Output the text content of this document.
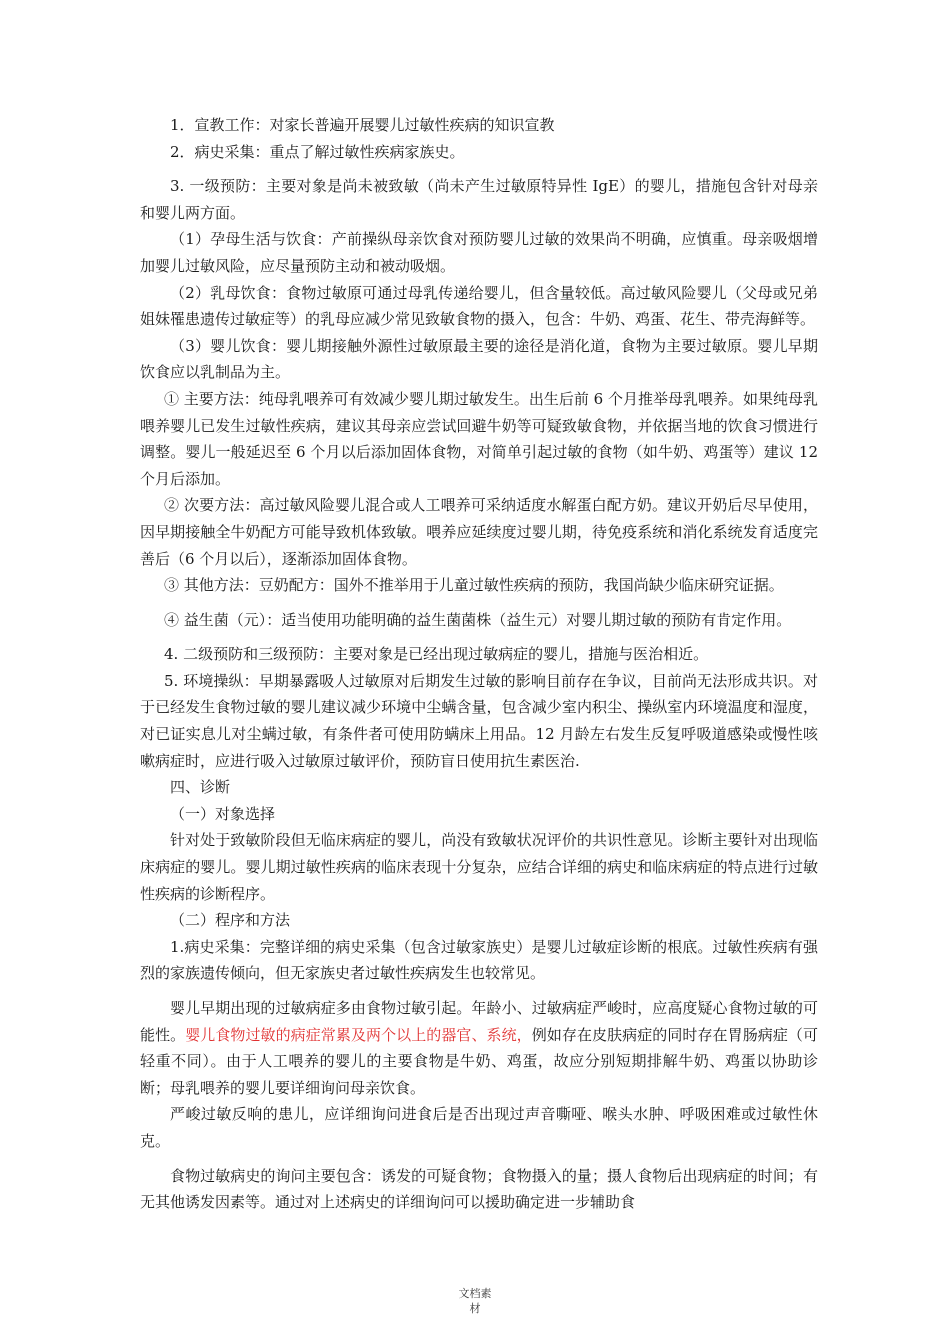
1．宣教工作：对家长普遍开展婴儿过敏性疾病的知识宣教

2．病史采集：重点了解过敏性疾病家族史。

3. 一级预防：主要对象是尚未被致敏（尚未产生过敏原特异性 IgE）的婴儿，措施包含针对母亲和婴儿两方面。

（1）孕母生活与饮食：产前操纵母亲饮食对预防婴儿过敏的效果尚不明确，应慎重。母亲吸烟增加婴儿过敏风险，应尽量预防主动和被动吸烟。

（2）乳母饮食：食物过敏原可通过母乳传递给婴儿，但含量较低。高过敏风险婴儿（父母或兄弟姐妹罹患遗传过敏症等）的乳母应减少常见致敏食物的摄入，包含：牛奶、鸡蛋、花生、带壳海鲜等。

（3）婴儿饮食：婴儿期接触外源性过敏原最主要的途径是消化道，食物为主要过敏原。婴儿早期饮食应以乳制品为主。

① 主要方法：纯母乳喂养可有效减少婴儿期过敏发生。出生后前 6 个月推举母乳喂养。如果纯母乳喂养婴儿已发生过敏性疾病，建议其母亲应尝试回避牛奶等可疑致敏食物，并依据当地的饮食习惯进行调整。婴儿一般延迟至 6 个月以后添加固体食物，对简单引起过敏的食物（如牛奶、鸡蛋等）建议 12 个月后添加。

② 次要方法：高过敏风险婴儿混合或人工喂养可采纳适度水解蛋白配方奶。建议开奶后尽早使用，因早期接触全牛奶配方可能导致机体致敏。喂养应延续度过婴儿期，待免疫系统和消化系统发育适度完善后（6 个月以后），逐渐添加固体食物。

③ 其他方法：豆奶配方：国外不推举用于儿童过敏性疾病的预防，我国尚缺少临床研究证据。

④ 益生菌（元）：适当使用功能明确的益生菌菌株（益生元）对婴儿期过敏的预防有肯定作用。

4. 二级预防和三级预防：主要对象是已经出现过敏病症的婴儿，措施与医治相近。

5. 环境操纵：早期暴露吸人过敏原对后期发生过敏的影响目前存在争议，目前尚无法形成共识。对于已经发生食物过敏的婴儿建议减少环境中尘螨含量，包含减少室内积尘、操纵室内环境温度和湿度，对已证实息儿对尘螨过敏，有条件者可使用防螨床上用品。12 月龄左右发生反复呼吸道感染或慢性咳嗽病症时，应进行吸入过敏原过敏评价，预防盲日使用抗生素医治.

四、诊断

（一）对象选择

针对处于致敏阶段但无临床病症的婴儿，尚没有致敏状况评价的共识性意见。诊断主要针对出现临床病症的婴儿。婴儿期过敏性疾病的临床表现十分复杂，应结合详细的病史和临床病症的特点进行过敏性疾病的诊断程序。

（二）程序和方法

1.病史采集：完整详细的病史采集（包含过敏家族史）是婴儿过敏症诊断的根底。过敏性疾病有强烈的家族遗传倾向，但无家族史者过敏性疾病发生也较常见。

婴儿早期出现的过敏病症多由食物过敏引起。年龄小、过敏病症严峻时，应高度疑心食物过敏的可能性。婴儿食物过敏的病症常累及两个以上的器官、系统，例如存在皮肤病症的同时存在胃肠病症（可轻重不同）。由于人工喂养的婴儿的主要食物是牛奶、鸡蛋，故应分别短期排解牛奶、鸡蛋以协助诊断；母乳喂养的婴儿要详细询问母亲饮食。

严峻过敏反响的患儿，应详细询问进食后是否出现过声音嘶哑、喉头水肿、呼吸困难或过敏性休克。

食物过敏病史的询问主要包含：诱发的可疑食物；食物摄入的量；摄人食物后出现病症的时间；有无其他诱发因素等。通过对上述病史的详细询问可以援助确定进一步辅助食

文档素
材
